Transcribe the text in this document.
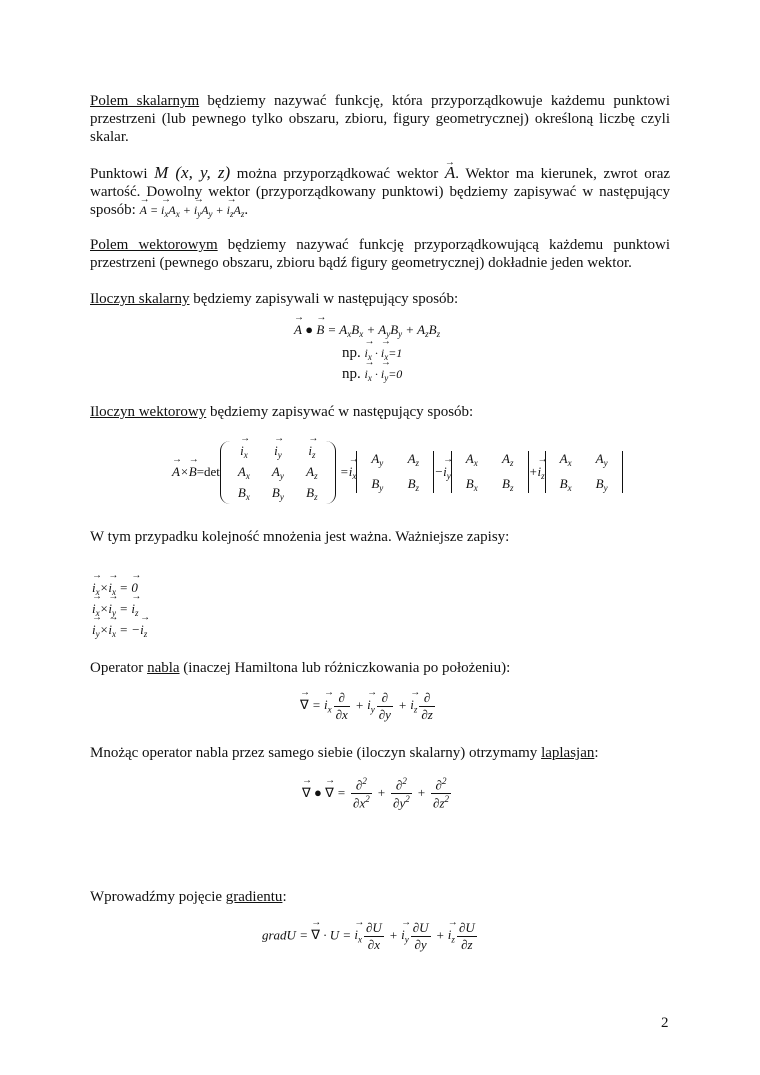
Polem skalarnym będziemy nazywać funkcję, która przyporządkowuje każdemu punktowi przestrzeni (lub pewnego tylko obszaru, zbioru, figury geometrycznej) określoną liczbę czyli skalar.
Punktowi M (x, y, z) można przyporządkować wektor → A. Wektor ma kierunek, zwrot oraz wartość. Dowolny wektor (przyporządkowany punktowi) będziemy zapisywać w następujący sposób: → A = → $i_xA_x$ + → $i_yA_y$ + → $i_zA_z$.
Polem wektorowym będziemy nazywać funkcję przyporządkowującą każdemu punktowi przestrzeni (pewnego obszaru, zbioru bądź figury geometrycznej) dokładnie jeden wektor.
Iloczyn skalarny będziemy zapisywali w następujący sposób:
→ A ● → $B = A_xB_x + A_yB_y + A_zB_z$
np. → $i_x$ · → $i_x=1$
np. → $i_x$ · → $i_y=0$
Iloczyn wektorowy będziemy zapisywać w następujący sposób:
→ A×→ B =det
→ $i_x$	→ $i_y$	→ $i_z$
$A_x$	$A_y$	$A_z$
$B_x$	$B_y$	$B_z$
=→ $i_x$
$A_y$	$A_z$
$B_y$	$B_z$
−→ $i_y$
$A_x$	$A_z$
$B_x$	$B_z$
+→ $i_z$
$A_x$	$A_y$
$B_x$	$B_y$
W tym przypadku kolejność mnożenia jest ważna. Ważniejsze zapisy:
→ $i_x\times\to i_x$ = → 0
→ $i_x\times\to i_y$ = → $i_z$
→ $i_y\times\to i_x$ = −→ $i_z$
Operator nabla (inaczej Hamiltona lub różniczkowania po położeniu):
→ ∇ = → $i_x \frac{\partial}{\partial x}$ + → $i_y \frac{\partial}{\partial y}$ + → $i_z \frac{\partial}{\partial z}$
Mnożąc operator nabla przez samego siebie (iloczyn skalarny) otrzymamy laplasjan:
→ ∇ ● → ∇ = $\frac{\partial^2}{\partial x^2} + \frac{\partial^2}{\partial y^2} + \frac{\partial^2}{\partial z^2}$
Wprowadźmy pojęcie gradientu:
gradU = → ∇ · U = → $i_x \frac{\partial U}{\partial x}$ + → $i_y \frac{\partial U}{\partial y}$ + → $i_z \frac{\partial U}{\partial z}$
2
